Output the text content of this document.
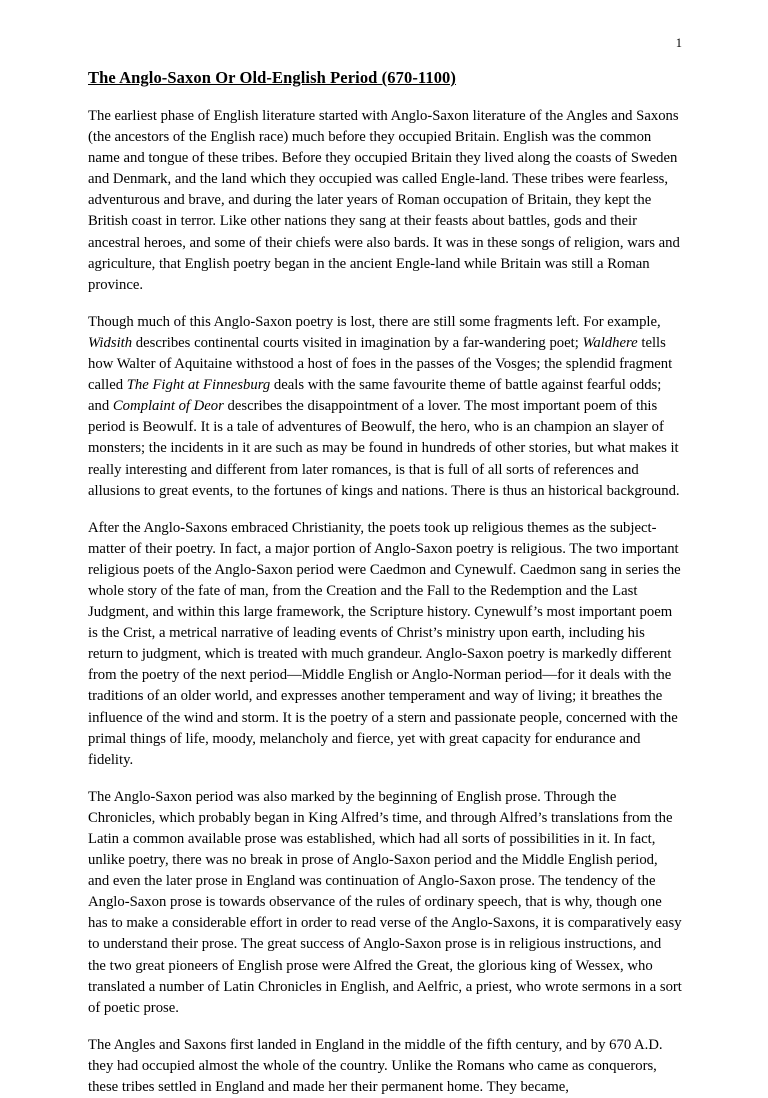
1
The Anglo-Saxon Or Old-English Period (670-1100)

The earliest phase of English literature started with Anglo-Saxon literature of the Angles and Saxons (the ancestors of the English race) much before they occupied Britain. English was the common name and tongue of these tribes. Before they occupied Britain they lived along the coasts of Sweden and Denmark, and the land which they occupied was called Engle-land. These tribes were fearless, adventurous and brave, and during the later years of Roman occupation of Britain, they kept the British coast in terror. Like other nations they sang at their feasts about battles, gods and their ancestral heroes, and some of their chiefs were also bards. It was in these songs of religion, wars and agriculture, that English poetry began in the ancient Engle-land while Britain was still a Roman province.

Though much of this Anglo-Saxon poetry is lost, there are still some fragments left. For example, Widsith describes continental courts visited in imagination by a far-wandering poet; Waldhere tells how Walter of Aquitaine withstood a host of foes in the passes of the Vosges; the splendid fragment called The Fight at Finnesburg deals with the same favourite theme of battle against fearful odds; and Complaint of Deor describes the disappointment of a lover. The most important poem of this period is Beowulf. It is a tale of adventures of Beowulf, the hero, who is an champion an slayer of monsters; the incidents in it are such as may be found in hundreds of other stories, but what makes it really interesting and different from later romances, is that is full of all sorts of references and allusions to great events, to the fortunes of kings and nations. There is thus an historical background.

After the Anglo-Saxons embraced Christianity, the poets took up religious themes as the subject-matter of their poetry. In fact, a major portion of Anglo-Saxon poetry is religious. The two important religious poets of the Anglo-Saxon period were Caedmon and Cynewulf. Caedmon sang in series the whole story of the fate of man, from the Creation and the Fall to the Redemption and the Last Judgment, and within this large framework, the Scripture history. Cynewulf’s most important poem is the Crist, a metrical narrative of leading events of Christ’s ministry upon earth, including his return to judgment, which is treated with much grandeur. Anglo-Saxon poetry is markedly different from the poetry of the next period—Middle English or Anglo-Norman period—for it deals with the traditions of an older world, and expresses another temperament and way of living; it breathes the influence of the wind and storm. It is the poetry of a stern and passionate people, concerned with the primal things of life, moody, melancholy and fierce, yet with great capacity for endurance and fidelity.

The Anglo-Saxon period was also marked by the beginning of English prose. Through the Chronicles, which probably began in King Alfred’s time, and through Alfred’s translations from the Latin a common available prose was established, which had all sorts of possibilities in it. In fact, unlike poetry, there was no break in prose of Anglo-Saxon period and the Middle English period, and even the later prose in England was continuation of Anglo-Saxon prose. The tendency of the Anglo-Saxon prose is towards observance of the rules of ordinary speech, that is why, though one has to make a considerable effort in order to read verse of the Anglo-Saxons, it is comparatively easy to understand their prose. The great success of Anglo-Saxon prose is in religious instructions, and the two great pioneers of English prose were Alfred the Great, the glorious king of Wessex, who translated a number of Latin Chronicles in English, and Aelfric, a priest, who wrote sermons in a sort of poetic prose.

The Angles and Saxons first landed in England in the middle of the fifth century, and by 670 A.D. they had occupied almost the whole of the country. Unlike the Romans who came as conquerors, these tribes settled in England and made her their permanent home. They became,
